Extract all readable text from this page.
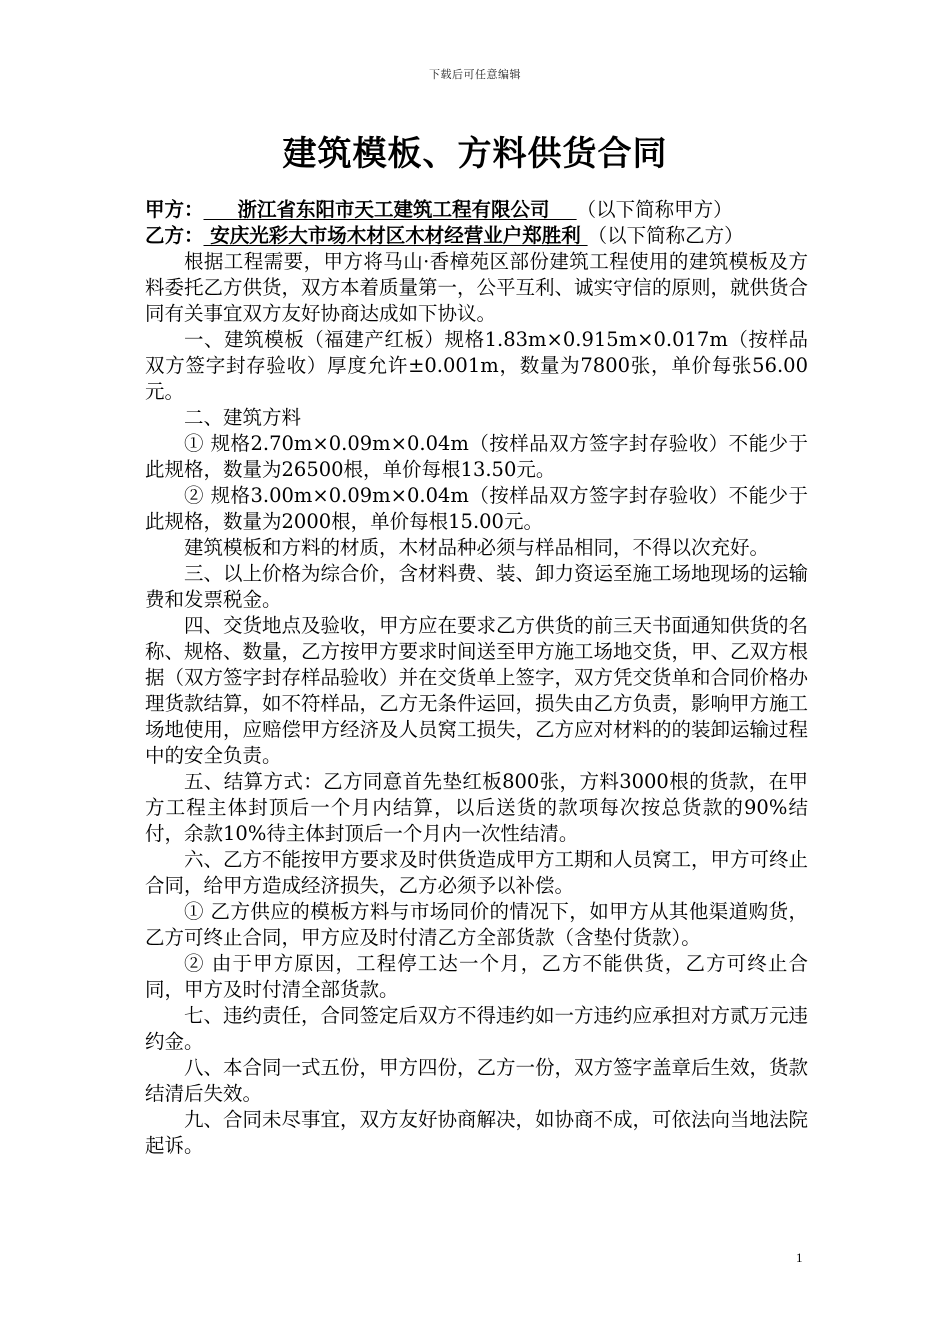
下载后可任意编辑
建筑模板、方料供货合同

甲方：     浙江省东阳市天工建筑工程有限公司    （以下简称甲方）

乙方： 安庆光彩大市场木材区木材经营业户郑胜利 （以下简称乙方）

根据工程需要，甲方将马山·香樟苑区部份建筑工程使用的建筑模板及方料委托乙方供货，双方本着质量第一，公平互利、诚实守信的原则，就供货合同有关事宜双方友好协商达成如下协议。

一、建筑模板（福建产红板）规格1.83m×0.915m×0.017m（按样品双方签字封存验收）厚度允许±0.001m，数量为7800张，单价每张56.00元。

二、建筑方料

① 规格2.70m×0.09m×0.04m（按样品双方签字封存验收）不能少于此规格，数量为26500根，单价每根13.50元。

② 规格3.00m×0.09m×0.04m（按样品双方签字封存验收）不能少于此规格，数量为2000根，单价每根15.00元。

建筑模板和方料的材质，木材品种必须与样品相同，不得以次充好。

三、以上价格为综合价，含材料费、装、卸力资运至施工场地现场的运输费和发票税金。

四、交货地点及验收，甲方应在要求乙方供货的前三天书面通知供货的名称、规格、数量，乙方按甲方要求时间送至甲方施工场地交货，甲、乙双方根据（双方签字封存样品验收）并在交货单上签字，双方凭交货单和合同价格办理货款结算，如不符样品，乙方无条件运回，损失由乙方负责，影响甲方施工场地使用，应赔偿甲方经济及人员窝工损失，乙方应对材料的的装卸运输过程中的安全负责。

五、结算方式：乙方同意首先垫红板800张，方料3000根的货款，在甲方工程主体封顶后一个月内结算，以后送货的款项每次按总货款的90%结付，余款10%待主体封顶后一个月内一次性结清。

六、乙方不能按甲方要求及时供货造成甲方工期和人员窝工，甲方可终止合同，给甲方造成经济损失，乙方必须予以补偿。

① 乙方供应的模板方料与市场同价的情况下，如甲方从其他渠道购货，乙方可终止合同，甲方应及时付清乙方全部货款（含垫付货款）。

② 由于甲方原因，工程停工达一个月，乙方不能供货，乙方可终止合同，甲方及时付清全部货款。

七、违约责任，合同签定后双方不得违约如一方违约应承担对方贰万元违约金。

八、本合同一式五份，甲方四份，乙方一份，双方签字盖章后生效，货款结清后失效。

九、合同未尽事宜，双方友好协商解决，如协商不成，可依法向当地法院起诉。

1
